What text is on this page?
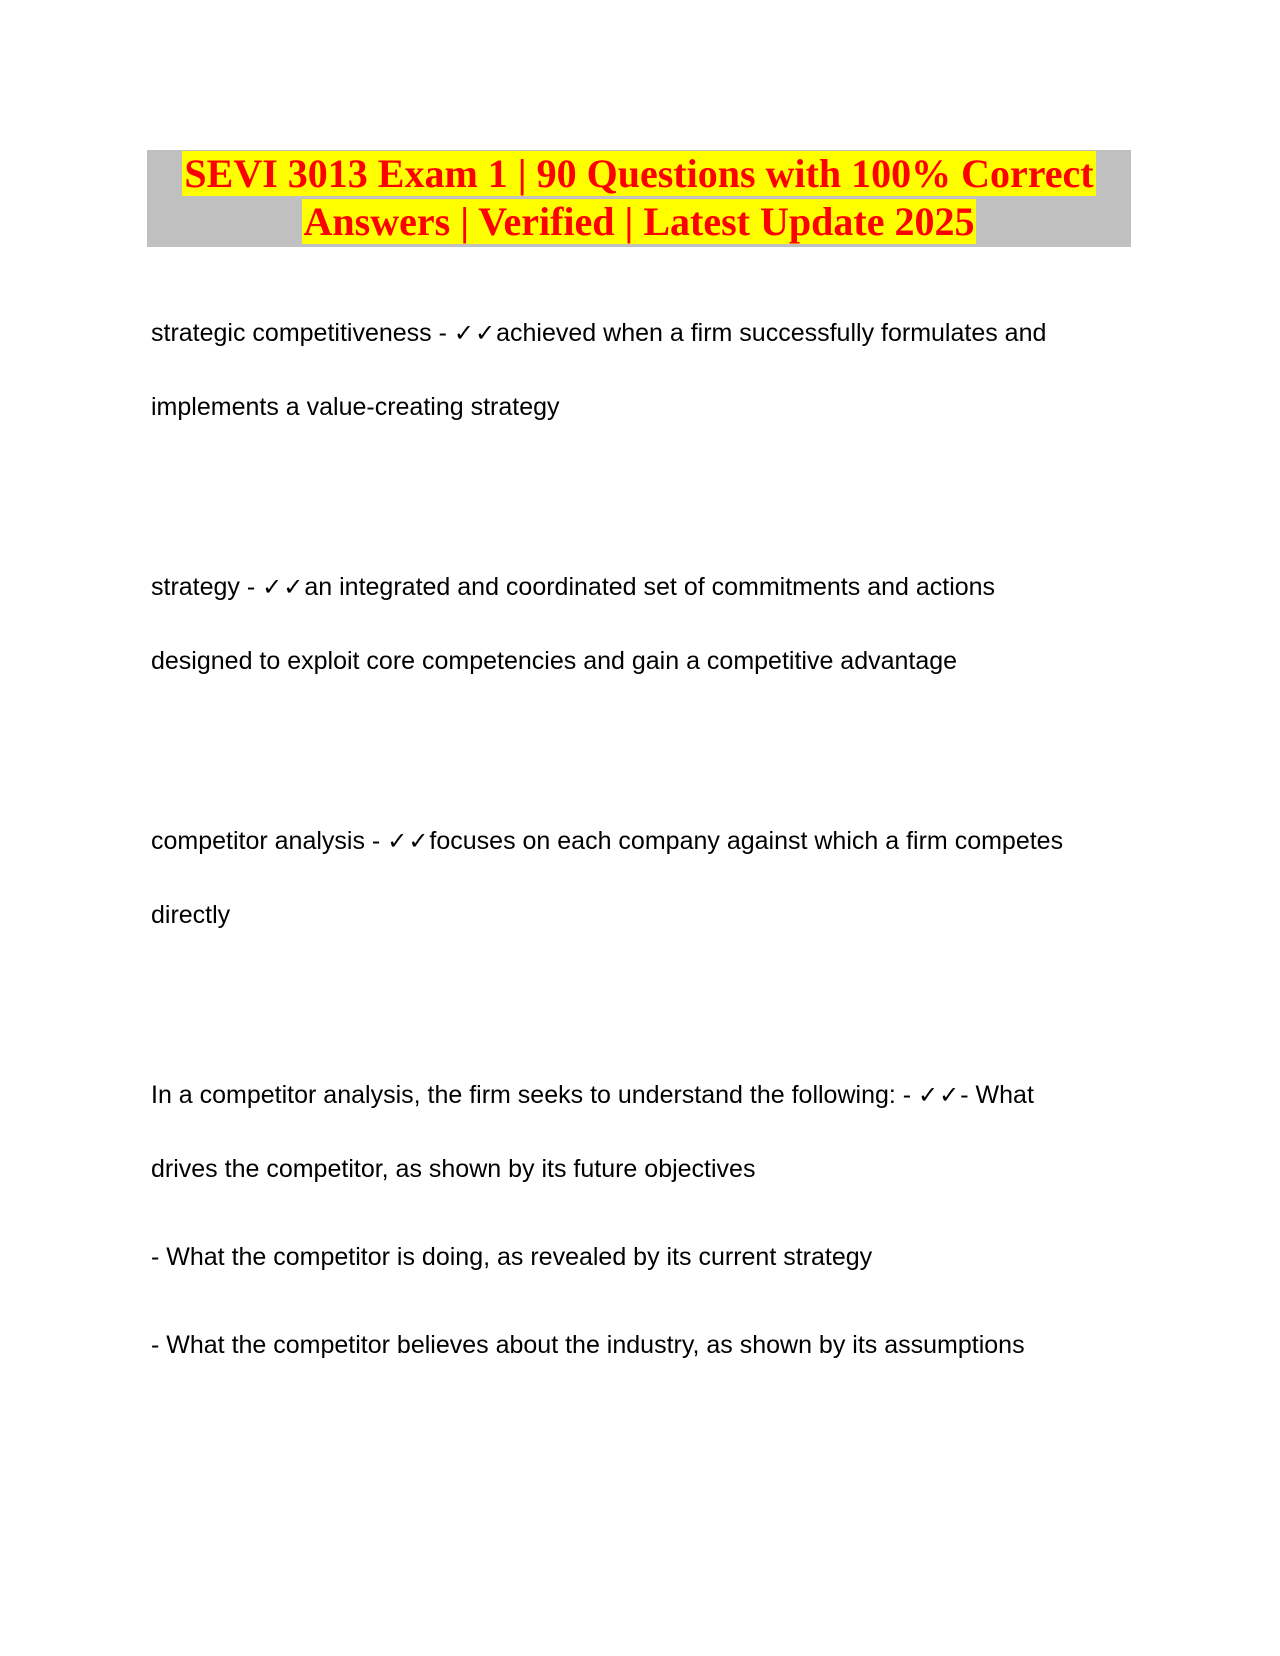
SEVI 3013 Exam 1 | 90 Questions with 100% Correct
Answers | Verified | Latest Update 2025
strategic competitiveness - ✓✓achieved when a firm successfully formulates and
implements a value-creating strategy
strategy - ✓✓an integrated and coordinated set of commitments and actions
designed to exploit core competencies and gain a competitive advantage
competitor analysis - ✓✓focuses on each company against which a firm competes
directly
In a competitor analysis, the firm seeks to understand the following: - ✓✓- What
drives the competitor, as shown by its future objectives
- What the competitor is doing, as revealed by its current strategy
- What the competitor believes about the industry, as shown by its assumptions
